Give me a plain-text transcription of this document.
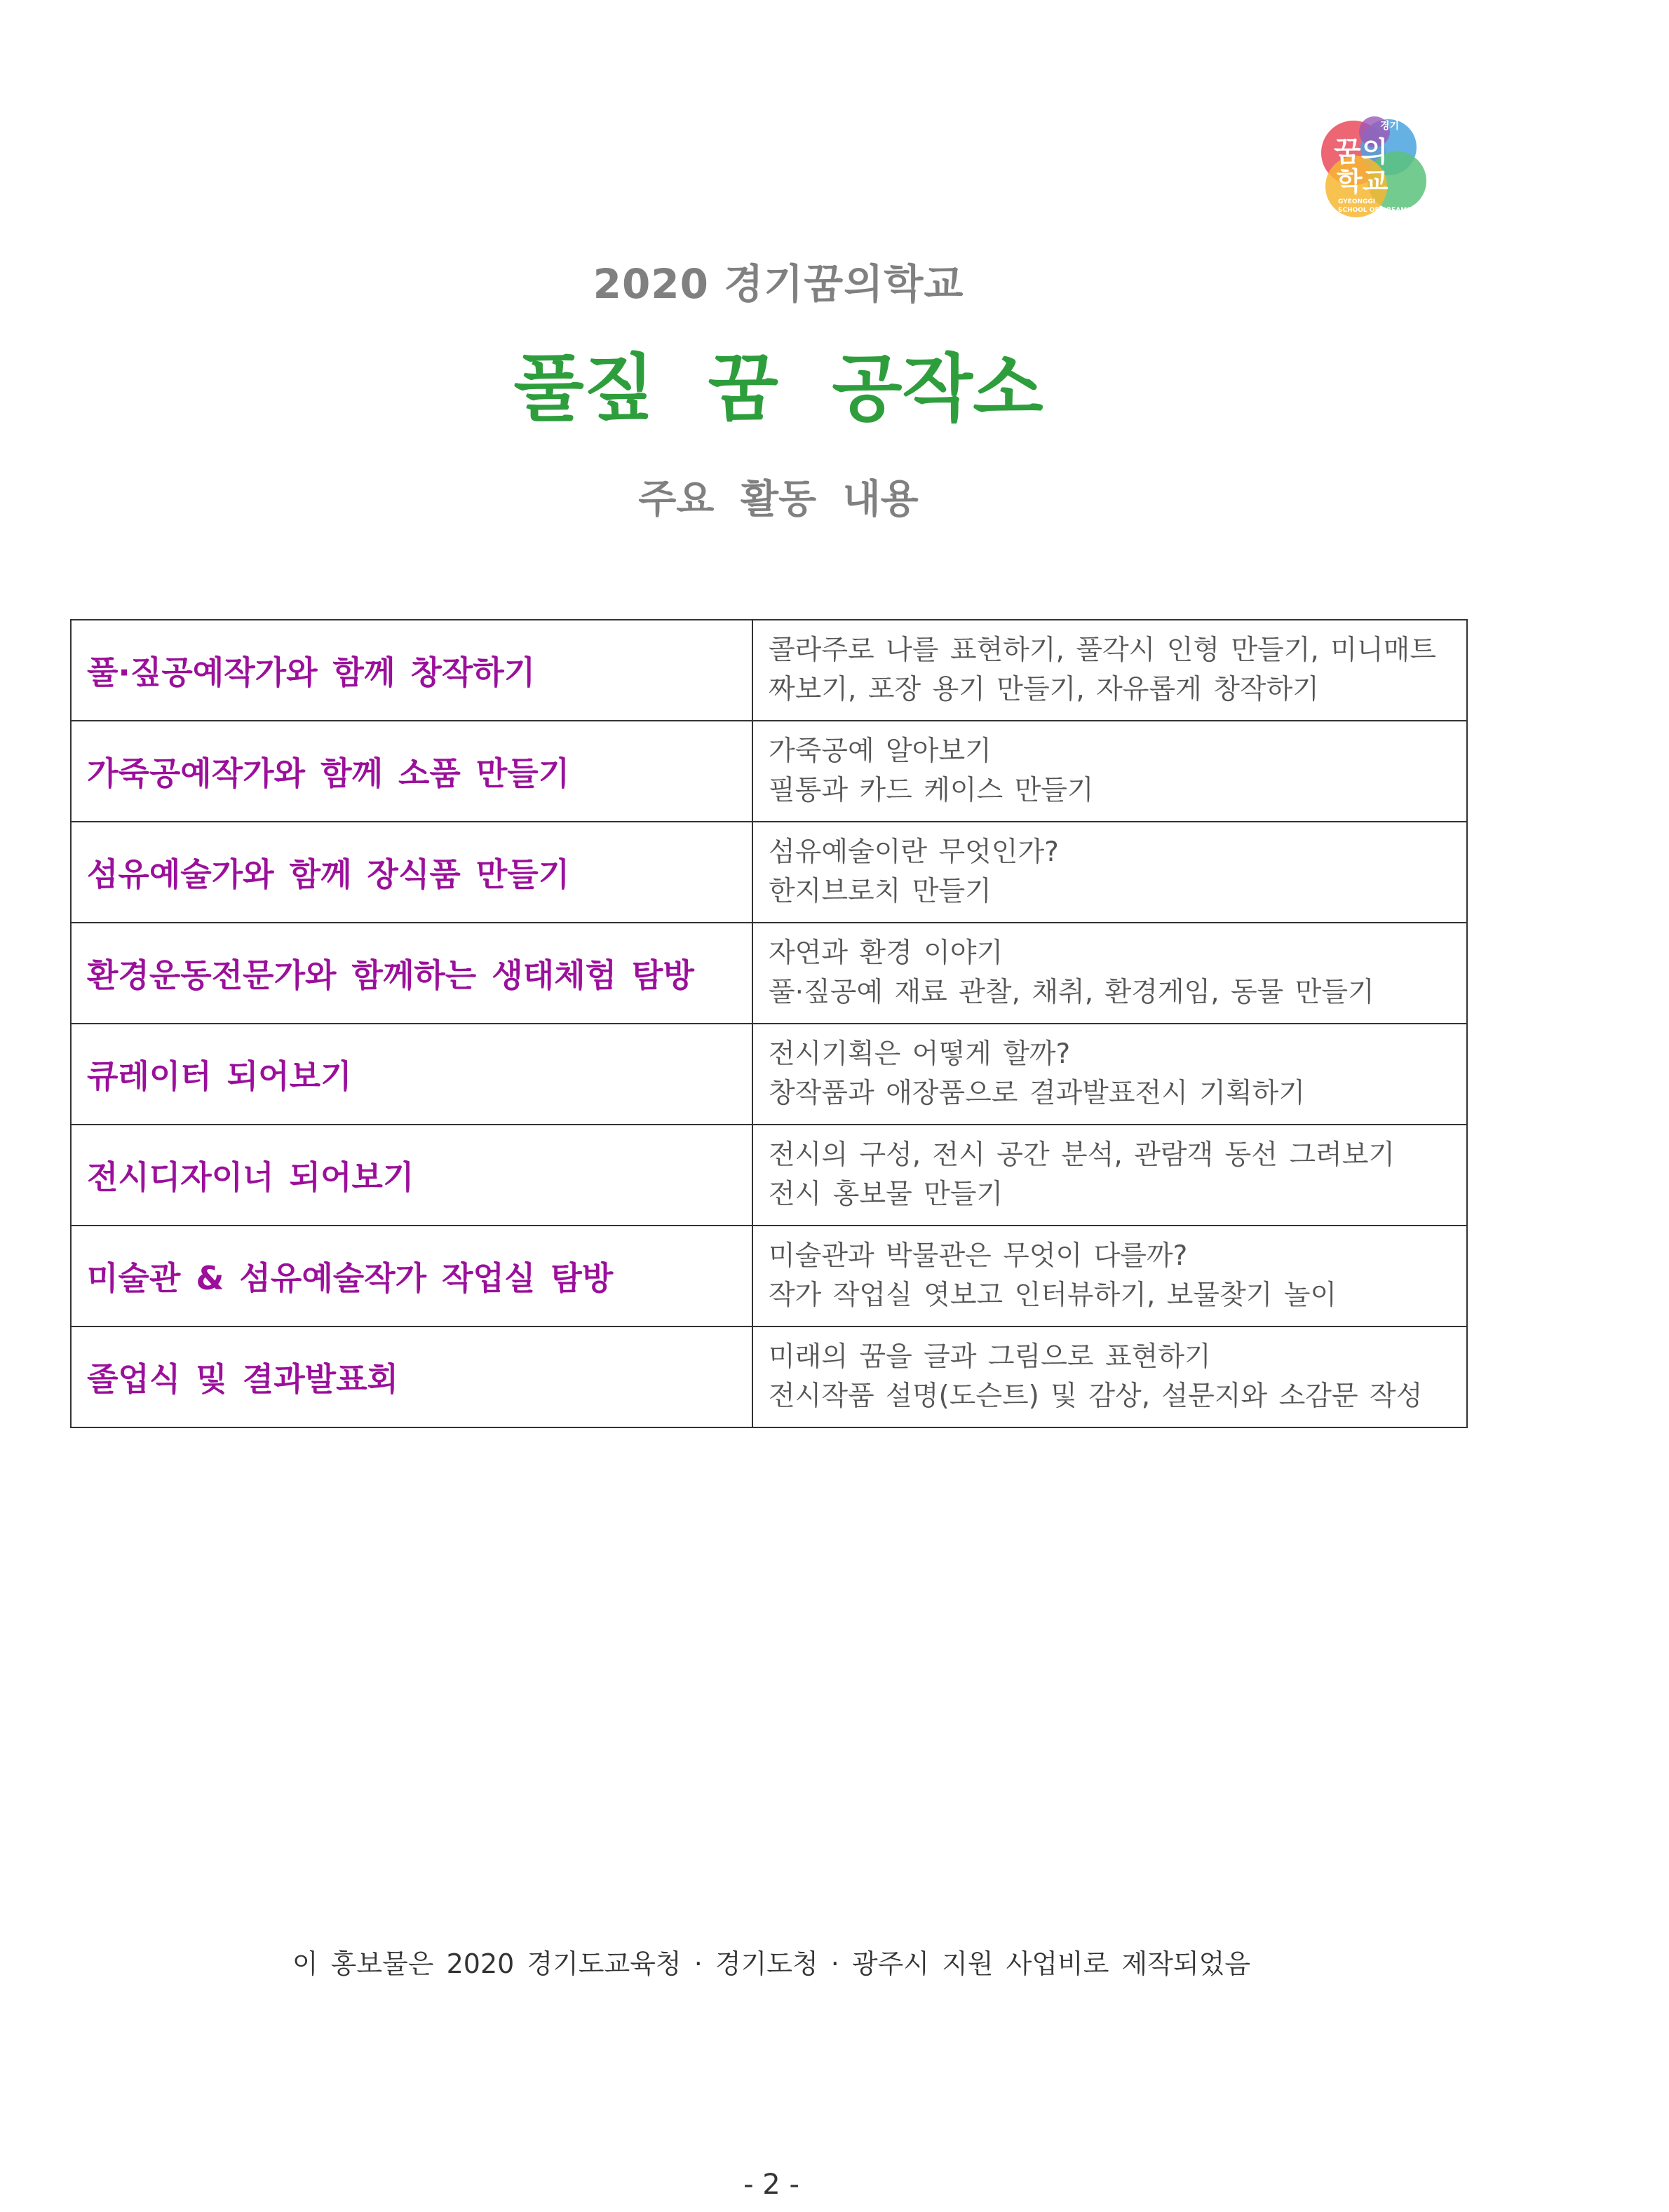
경기
꿈의
학교
GYEONGGI
SCHOOL OF DREAMS
2020 경기꿈의학교
풀짚 꿈 공작소
주요 활동 내용
풀·짚공예작가와 함께 창작하기	콜라주로 나를 표현하기, 풀각시 인형 만들기, 미니매트
짜보기, 포장 용기 만들기, 자유롭게 창작하기

가죽공예작가와 함께 소품 만들기	가죽공예 알아보기
필통과 카드 케이스 만들기

섬유예술가와 함께 장식품 만들기	섬유예술이란 무엇인가?
한지브로치 만들기

환경운동전문가와 함께하는 생태체험 탐방	자연과 환경 이야기
풀·짚공예 재료 관찰, 채취, 환경게임, 동물 만들기

큐레이터 되어보기	전시기획은 어떻게 할까?
창작품과 애장품으로 결과발표전시 기획하기

전시디자이너 되어보기	전시의 구성, 전시 공간 분석, 관람객 동선 그려보기
전시 홍보물 만들기

미술관 & 섬유예술작가 작업실 탐방	미술관과 박물관은 무엇이 다를까?
작가 작업실 엿보고 인터뷰하기, 보물찾기 놀이

졸업식 및 결과발표회	미래의 꿈을 글과 그림으로 표현하기
전시작품 설명(도슨트) 및 감상, 설문지와 소감문 작성
이 홍보물은 2020 경기도교육청 · 경기도청 · 광주시 지원 사업비로 제작되었음
- 2 -
